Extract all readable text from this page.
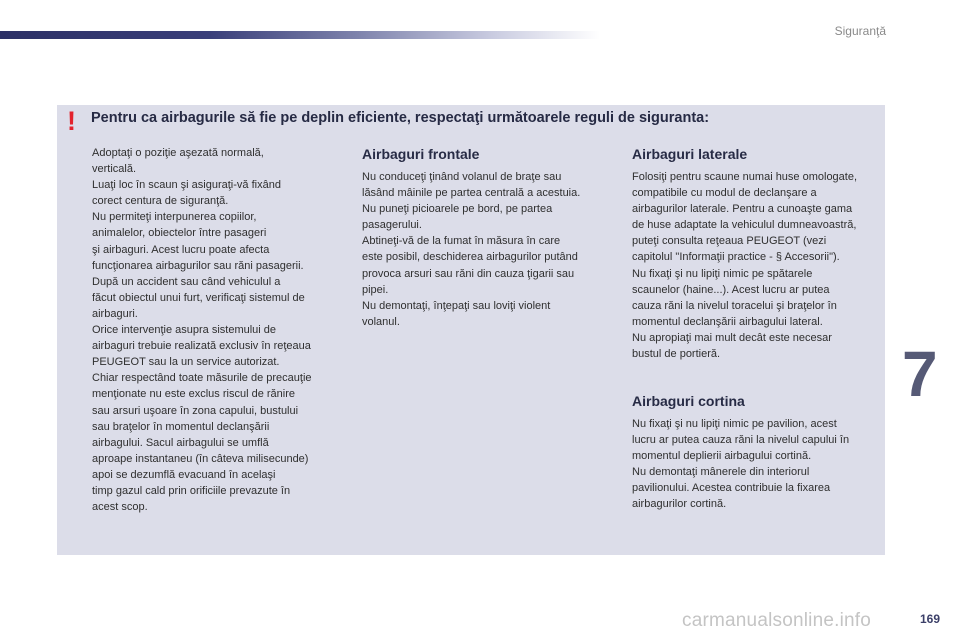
Siguranţă
! Pentru ca airbagurile să fie pe deplin eficiente, respectaţi următoarele reguli de siguranta:

Adoptaţi o poziţie aşezată normală,

verticală.

Luaţi loc în scaun şi asiguraţi-vă fixând

corect centura de siguranţă.

Nu permiteţi interpunerea copiilor,

animalelor, obiectelor între pasageri

şi airbaguri. Acest lucru poate afecta

funcţionarea airbagurilor sau răni pasagerii.

După un accident sau când vehiculul a

făcut obiectul unui furt, verificaţi sistemul de

airbaguri.

Orice intervenţie asupra sistemului de

airbaguri trebuie realizată exclusiv în reţeaua

PEUGEOT sau la un service autorizat.

Chiar respectând toate măsurile de precauţie

menţionate nu este exclus riscul de rănire

sau arsuri uşoare în zona capului, bustului

sau braţelor în momentul declanşării

airbagului. Sacul airbagului se umflă

aproape instantaneu (în câteva milisecunde)

apoi se dezumflă evacuand în acelaşi

timp gazul cald prin orificiile prevazute în

acest scop.

Airbaguri frontale

Nu conduceţi ţinând volanul de braţe sau

lăsând mâinile pe partea centrală a acestuia.

Nu puneţi picioarele pe bord, pe partea

pasagerului.

Abtineţi-vă de la fumat în măsura în care

este posibil, deschiderea airbagurilor putând

provoca arsuri sau răni din cauza ţigarii sau

pipei.

Nu demontaţi, înţepaţi sau loviţi violent

volanul.

Airbaguri laterale

Folosiţi pentru scaune numai huse omologate,

compatibile cu modul de declanşare a

airbagurilor laterale. Pentru a cunoaşte gama

de huse adaptate la vehiculul dumneavoastră,

puteţi consulta reţeaua PEUGEOT (vezi

capitolul "Informaţii practice - § Accesorii").

Nu fixaţi şi nu lipiţi nimic pe spătarele

scaunelor (haine...). Acest lucru ar putea

cauza răni la nivelul toracelui şi braţelor în

momentul declanşării airbagului lateral.

Nu apropiaţi mai mult decât este necesar

bustul de portieră.

Airbaguri cortina

Nu fixaţi şi nu lipiţi nimic pe pavilion, acest

lucru ar putea cauza răni la nivelul capului în

momentul deplierii airbagului cortină.

Nu demontaţi mânerele din interiorul

pavilionului. Acestea contribuie la fixarea

airbagurilor cortină.

7
carmanualsonline.info	169
